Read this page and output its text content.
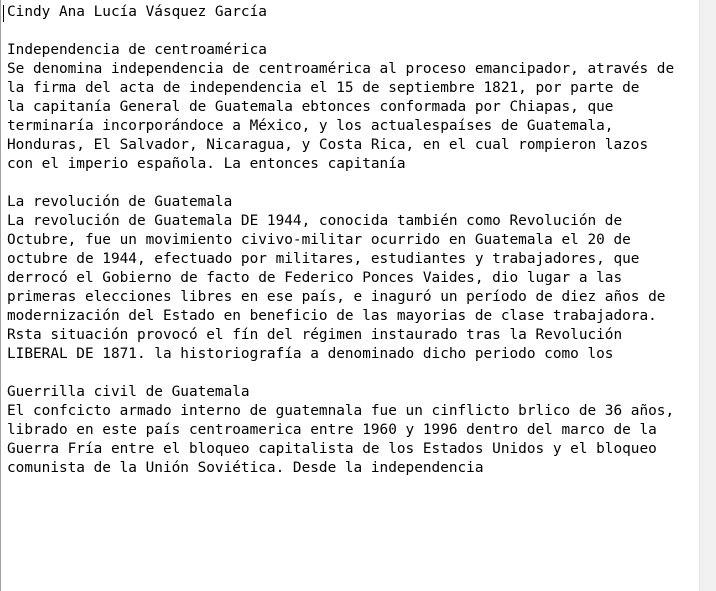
Cindy Ana Lucía Vásquez García
Independencia de centroamérica
Se denomina independencia de centroamérica al proceso emancipador, através de
la firma del acta de independencia el 15 de septiembre 1821, por parte de
la capitanía General de Guatemala ebtonces conformada por Chiapas, que
terminaría incorporándoce a México, y los actualespaíses de Guatemala,
Honduras, El Salvador, Nicaragua, y Costa Rica, en el cual rompieron lazos
con el imperio española. La entonces capitanía
La revolución de Guatemala
La revolución de Guatemala DE 1944, conocida también como Revolución de
Octubre, fue un movimiento civivo-militar ocurrido en Guatemala el 20 de
octubre de 1944, efectuado por militares, estudiantes y trabajadores, que
derrocó el Gobierno de facto de Federico Ponces Vaides, dio lugar a las
primeras elecciones libres en ese país, e inaguró un período de diez años de
modernización del Estado en beneficio de las mayorias de clase trabajadora.
Rsta situación provocó el fín del régimen instaurado tras la Revolución
LIBERAL DE 1871. la historiografía a denominado dicho periodo como los
Guerrilla civil de Guatemala
El confcicto armado interno de guatemnala fue un cinflicto brlico de 36 años,
librado en este país centroamerica entre 1960 y 1996 dentro del marco de la
Guerra Fría entre el bloqueo capitalista de los Estados Unidos y el bloqueo
comunista de la Unión Soviética. Desde la independencia
